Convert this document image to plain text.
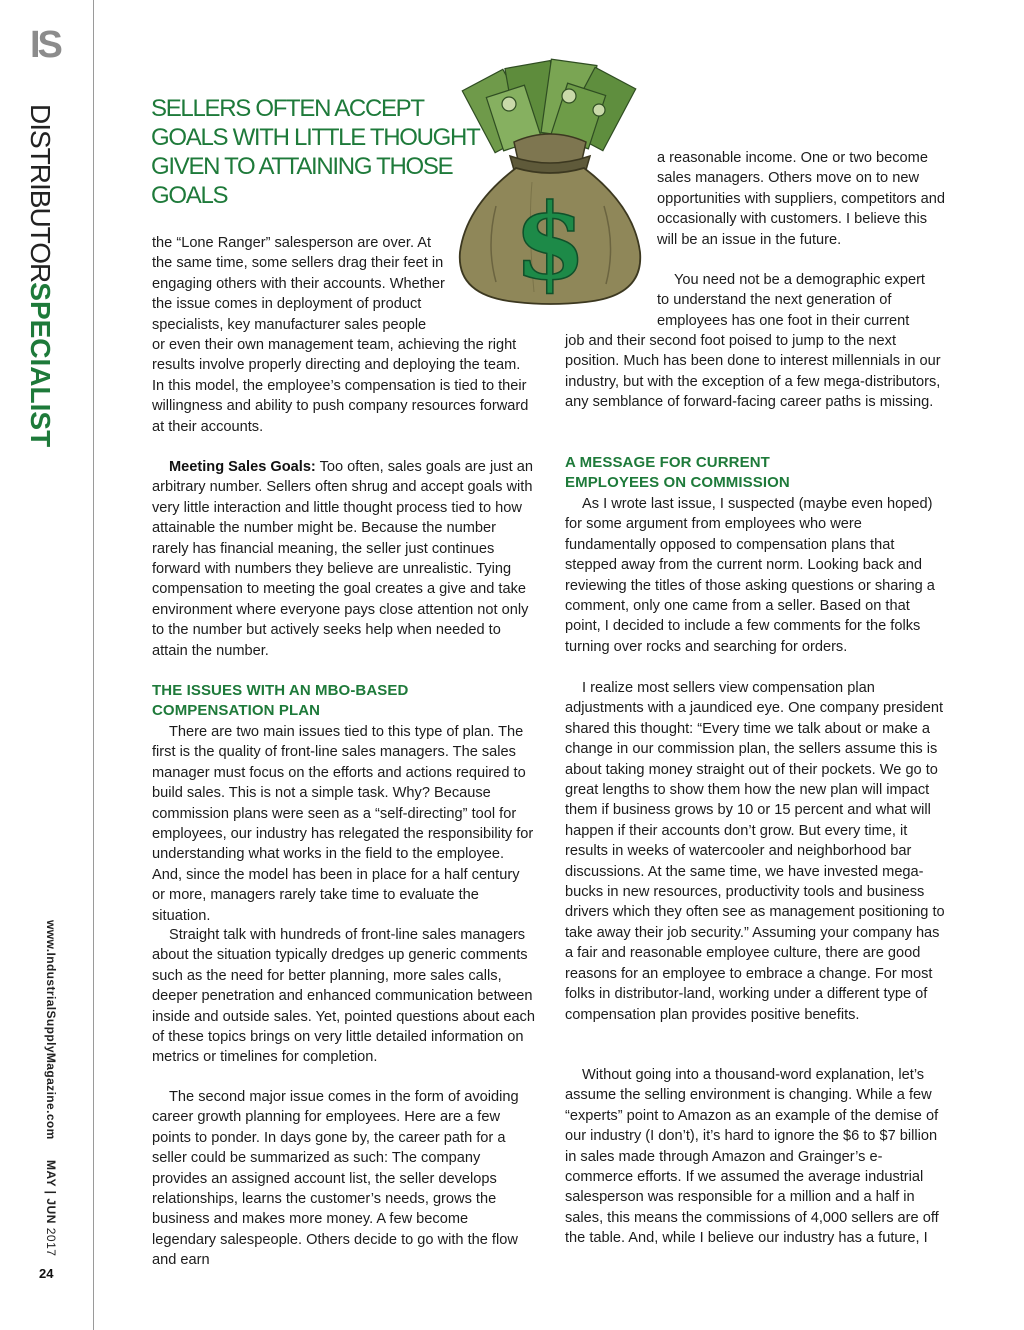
IS
DISTRIBUTORSPECIALIST
www.IndustrialSupplyMagazine.com
MAY | JUN 2017
24
SELLERS OFTEN ACCEPT GOALS WITH LITTLE THOUGHT GIVEN TO ATTAINING THOSE GOALS	$

the “Lone Ranger” salesperson are over. At the same time, some sellers drag their feet in engaging others with their accounts. Whether the issue comes in deployment of product specialists, key manufacturer sales people

or even their own management team, achieving the right results involve properly directing and deploying the team. In this model, the employee’s compensation is tied to their willingness and ability to push company resources forward at their accounts.

Meeting Sales Goals: Too often, sales goals are just an arbitrary number. Sellers often shrug and accept goals with very little interaction and little thought process tied to how attainable the number might be. Because the number rarely has financial meaning, the seller just continues forward with numbers they believe are unrealistic. Tying compensation to meeting the goal creates a give and take environment where everyone pays close attention not only to the number but actively seeks help when needed to attain the number.

THE ISSUES WITH AN MBO-BASED COMPENSATION PLAN

There are two main issues tied to this type of plan. The first is the quality of front-line sales managers. The sales manager must focus on the efforts and actions required to build sales. This is not a simple task. Why? Because commission plans were seen as a “self-directing” tool for employees, our industry has relegated the responsibility for understanding what works in the field to the employee. And, since the model has been in place for a half century or more, managers rarely take time to evaluate the situation.

Straight talk with hundreds of front-line sales managers about the situation typically dredges up generic comments such as the need for better planning, more sales calls, deeper penetration and enhanced communication between inside and outside sales. Yet, pointed questions about each of these topics brings on very little detailed information on metrics or timelines for completion.

The second major issue comes in the form of avoiding career growth planning for employees. Here are a few points to ponder. In days gone by, the career path for a seller could be summarized as such: The company provides an assigned account list, the seller develops relationships, learns the customer’s needs, grows the business and makes more money. A few become legendary salespeople. Others decide to go with the flow and earn

a reasonable income. One or two become sales managers. Others move on to new opportunities with suppliers, competitors and occasionally with customers. I believe this will be an issue in the future.

You need not be a demographic expert to understand the next generation of employees has one foot in their current

job and their second foot poised to jump to the next position. Much has been done to interest millennials in our industry, but with the exception of a few mega-distributors, any semblance of forward-facing career paths is missing.

A MESSAGE FOR CURRENT EMPLOYEES ON COMMISSION

As I wrote last issue, I suspected (maybe even hoped) for some argument from employees who were fundamentally opposed to compensation plans that stepped away from the current norm. Looking back and reviewing the titles of those asking questions or sharing a comment, only one came from a seller. Based on that point, I decided to include a few comments for the folks turning over rocks and searching for orders.

I realize most sellers view compensation plan adjustments with a jaundiced eye. One company president shared this thought: “Every time we talk about or make a change in our commission plan, the sellers assume this is about taking money straight out of their pockets. We go to great lengths to show them how the new plan will impact them if business grows by 10 or 15 percent and what will happen if their accounts don’t grow. But every time, it results in weeks of watercooler and neighborhood bar discussions. At the same time, we have invested mega-bucks in new resources, productivity tools and business drivers which they often see as management positioning to take away their job security.” Assuming your company has a fair and reasonable employee culture, there are good reasons for an employee to embrace a change. For most folks in distributor-land, working under a different type of compensation plan provides positive benefits.

Without going into a thousand-word explanation, let’s assume the selling environment is changing. While a few “experts” point to Amazon as an example of the demise of our industry (I don’t), it’s hard to ignore the $6 to $7 billion in sales made through Amazon and Grainger’s e-commerce efforts. If we assumed the average industrial salesperson was responsible for a million and a half in sales, this means the commissions of 4,000 sellers are off the table. And, while I believe our industry has a future, I
